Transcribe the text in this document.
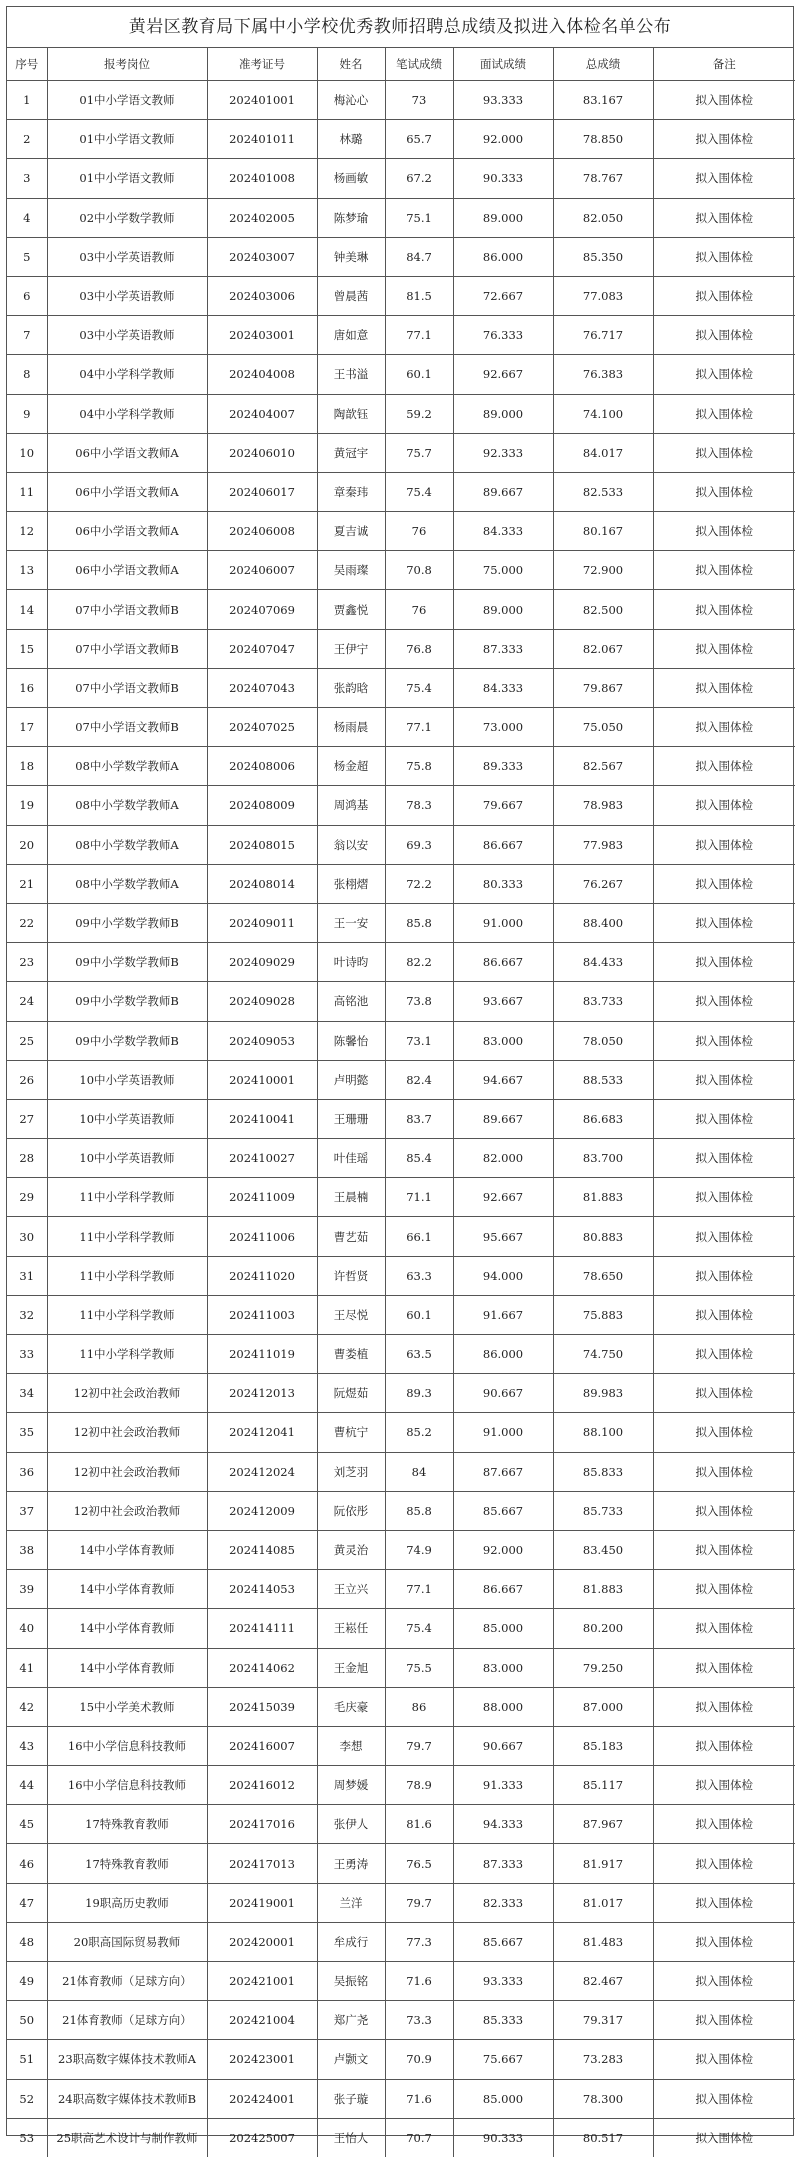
黄岩区教育局下属中小学校优秀教师招聘总成绩及拟进入体检名单公布
序号	报考岗位	准考证号	姓名	笔试成绩	面试成绩	总成绩	备注
1	01中小学语文教师	202401001	梅沁心	73	93.333	83.167	拟入围体检
2	01中小学语文教师	202401011	林璐	65.7	92.000	78.850	拟入围体检
3	01中小学语文教师	202401008	杨画敏	67.2	90.333	78.767	拟入围体检
4	02中小学数学教师	202402005	陈梦瑜	75.1	89.000	82.050	拟入围体检
5	03中小学英语教师	202403007	钟美琳	84.7	86.000	85.350	拟入围体检
6	03中小学英语教师	202403006	曾晨茜	81.5	72.667	77.083	拟入围体检
7	03中小学英语教师	202403001	唐如意	77.1	76.333	76.717	拟入围体检
8	04中小学科学教师	202404008	王书溢	60.1	92.667	76.383	拟入围体检
9	04中小学科学教师	202404007	陶歆钰	59.2	89.000	74.100	拟入围体检
10	06中小学语文教师A	202406010	黄冠宇	75.7	92.333	84.017	拟入围体检
11	06中小学语文教师A	202406017	章秦玮	75.4	89.667	82.533	拟入围体检
12	06中小学语文教师A	202406008	夏吉诚	76	84.333	80.167	拟入围体检
13	06中小学语文教师A	202406007	吴雨璨	70.8	75.000	72.900	拟入围体检
14	07中小学语文教师B	202407069	贾鑫悦	76	89.000	82.500	拟入围体检
15	07中小学语文教师B	202407047	王伊宁	76.8	87.333	82.067	拟入围体检
16	07中小学语文教师B	202407043	张韵晗	75.4	84.333	79.867	拟入围体检
17	07中小学语文教师B	202407025	杨雨晨	77.1	73.000	75.050	拟入围体检
18	08中小学数学教师A	202408006	杨金超	75.8	89.333	82.567	拟入围体检
19	08中小学数学教师A	202408009	周鸿基	78.3	79.667	78.983	拟入围体检
20	08中小学数学教师A	202408015	翁以安	69.3	86.667	77.983	拟入围体检
21	08中小学数学教师A	202408014	张栩熠	72.2	80.333	76.267	拟入围体检
22	09中小学数学教师B	202409011	王一安	85.8	91.000	88.400	拟入围体检
23	09中小学数学教师B	202409029	叶诗昀	82.2	86.667	84.433	拟入围体检
24	09中小学数学教师B	202409028	高铭池	73.8	93.667	83.733	拟入围体检
25	09中小学数学教师B	202409053	陈馨怡	73.1	83.000	78.050	拟入围体检
26	10中小学英语教师	202410001	卢明懿	82.4	94.667	88.533	拟入围体检
27	10中小学英语教师	202410041	王珊珊	83.7	89.667	86.683	拟入围体检
28	10中小学英语教师	202410027	叶佳瑶	85.4	82.000	83.700	拟入围体检
29	11中小学科学教师	202411009	王晨楠	71.1	92.667	81.883	拟入围体检
30	11中小学科学教师	202411006	曹艺茹	66.1	95.667	80.883	拟入围体检
31	11中小学科学教师	202411020	许哲贤	63.3	94.000	78.650	拟入围体检
32	11中小学科学教师	202411003	王尽悦	60.1	91.667	75.883	拟入围体检
33	11中小学科学教师	202411019	曹娄植	63.5	86.000	74.750	拟入围体检
34	12初中社会政治教师	202412013	阮煜茹	89.3	90.667	89.983	拟入围体检
35	12初中社会政治教师	202412041	曹杭宁	85.2	91.000	88.100	拟入围体检
36	12初中社会政治教师	202412024	刘芝羽	84	87.667	85.833	拟入围体检
37	12初中社会政治教师	202412009	阮依彤	85.8	85.667	85.733	拟入围体检
38	14中小学体育教师	202414085	黄灵治	74.9	92.000	83.450	拟入围体检
39	14中小学体育教师	202414053	王立兴	77.1	86.667	81.883	拟入围体检
40	14中小学体育教师	202414111	王崧任	75.4	85.000	80.200	拟入围体检
41	14中小学体育教师	202414062	王金旭	75.5	83.000	79.250	拟入围体检
42	15中小学美术教师	202415039	毛庆豪	86	88.000	87.000	拟入围体检
43	16中小学信息科技教师	202416007	李想	79.7	90.667	85.183	拟入围体检
44	16中小学信息科技教师	202416012	周梦媛	78.9	91.333	85.117	拟入围体检
45	17特殊教育教师	202417016	张伊人	81.6	94.333	87.967	拟入围体检
46	17特殊教育教师	202417013	王勇涛	76.5	87.333	81.917	拟入围体检
47	19职高历史教师	202419001	兰洋	79.7	82.333	81.017	拟入围体检
48	20职高国际贸易教师	202420001	牟成行	77.3	85.667	81.483	拟入围体检
49	21体育教师（足球方向）	202421001	吴振铭	71.6	93.333	82.467	拟入围体检
50	21体育教师（足球方向）	202421004	郑广尧	73.3	85.333	79.317	拟入围体检
51	23职高数字媒体技术教师A	202423001	卢颢文	70.9	75.667	73.283	拟入围体检
52	24职高数字媒体技术教师B	202424001	张子璇	71.6	85.000	78.300	拟入围体检
53	25职高艺术设计与制作教师	202425007	王怡人	70.7	90.333	80.517	拟入围体检
